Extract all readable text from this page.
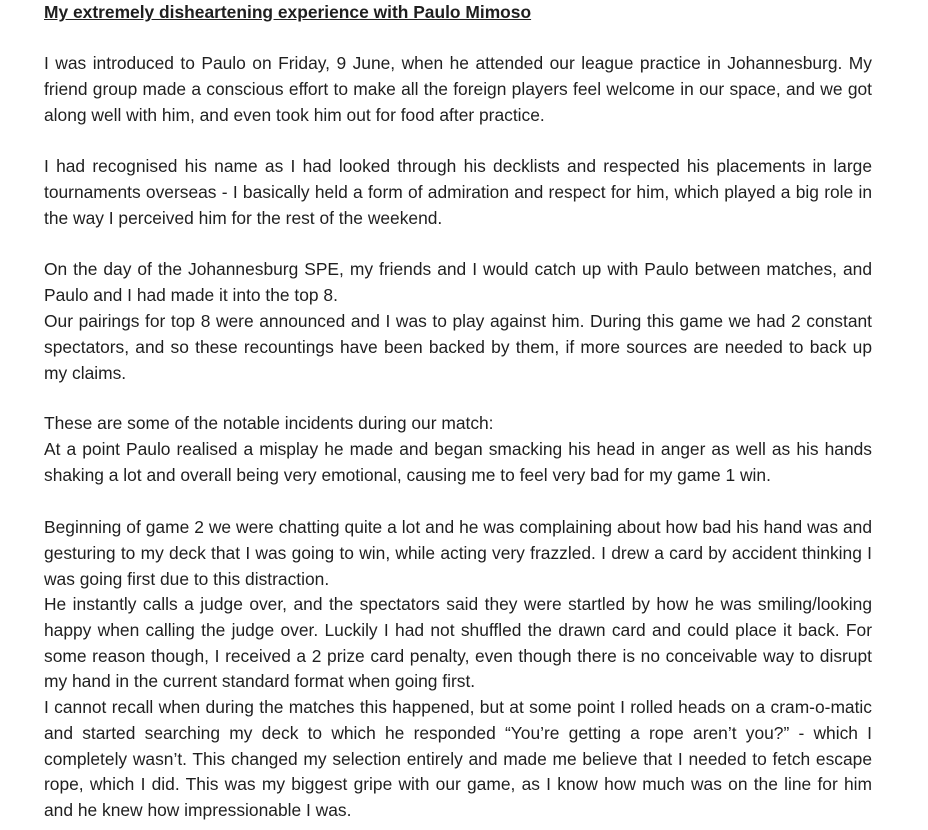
My extremely disheartening experience with Paulo Mimoso

I was introduced to Paulo on Friday, 9 June, when he attended our league practice in Johannesburg. My friend group made a conscious effort to make all the foreign players feel welcome in our space, and we got along well with him, and even took him out for food after practice.

I had recognised his name as I had looked through his decklists and respected his placements in large tournaments overseas - I basically held a form of admiration and respect for him, which played a big role in the way I perceived him for the rest of the weekend.

On the day of the Johannesburg SPE, my friends and I would catch up with Paulo between matches, and Paulo and I had made it into the top 8.

Our pairings for top 8 were announced and I was to play against him. During this game we had 2 constant spectators, and so these recountings have been backed by them, if more sources are needed to back up my claims.

These are some of the notable incidents during our match:

At a point Paulo realised a misplay he made and began smacking his head in anger as well as his hands shaking a lot and overall being very emotional, causing me to feel very bad for my game 1 win.

Beginning of game 2 we were chatting quite a lot and he was complaining about how bad his hand was and gesturing to my deck that I was going to win, while acting very frazzled. I drew a card by accident thinking I was going first due to this distraction.

He instantly calls a judge over, and the spectators said they were startled by how he was smiling/looking happy when calling the judge over. Luckily I had not shuffled the drawn card and could place it back. For some reason though, I received a 2 prize card penalty, even though there is no conceivable way to disrupt my hand in the current standard format when going first.

I cannot recall when during the matches this happened, but at some point I rolled heads on a cram-o-matic and started searching my deck to which he responded “You’re getting a rope aren’t you?” - which I completely wasn’t. This changed my selection entirely and made me believe that I needed to fetch escape rope, which I did. This was my biggest gripe with our game, as I know how much was on the line for him and he knew how impressionable I was.
